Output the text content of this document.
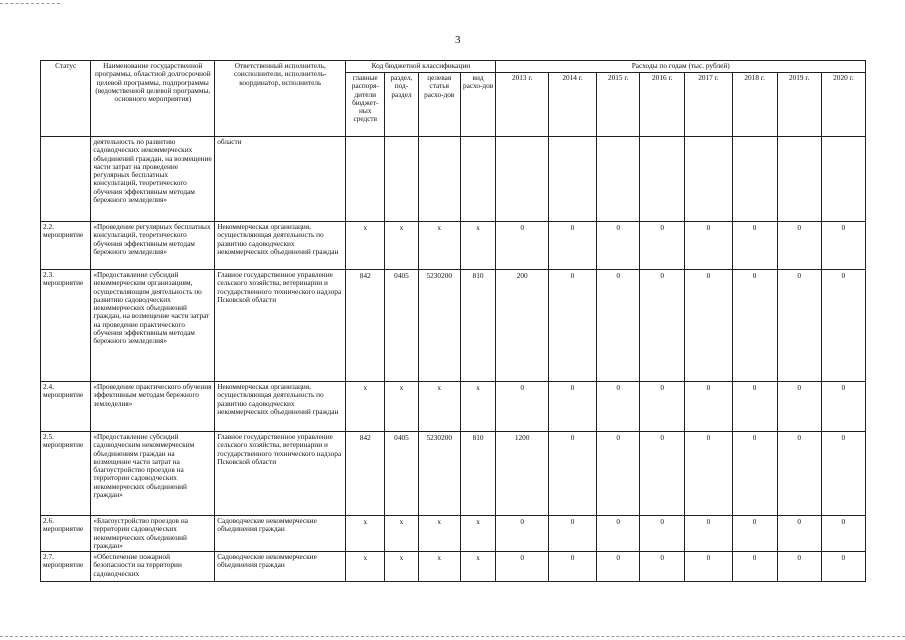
3
Статус	Наименование государственной программы, областной долгосрочной целевой программы, подпрограммы (ведомственной целевой программы, основного мероприятия)	Ответственный исполнитель, соисполнители, исполнитель-координатор, исполнитель	Код бюджетной классификации				Расходы по годам (тыс. рублей)							
			главные распоря-дители бюджет-ных средств	раздел, под-раздел	целевая статья расхо-дов	вид расхо-дов	2013 г.	2014 г.	2015 г.	2016 г.	2017 г.	2018 г.	2019 г.	2020 г.
	деятельность по развитию садоводческих некоммерческих объединений граждан, на возмещение части затрат на проведение регулярных бесплатных консультаций, теоретического обучения эффективным методам бережного земледелия»	области												
2.2. мероприятие	«Проведение регулярных бесплатных консультаций, теоретического обучения эффективным методам бережного земледелия»	Некоммерческая организация, осуществляющая деятельность по развитию садоводческих некоммерческих объединений граждан	х	х	х	х	0	0	0	0	0	0	0	0
2.3. мероприятие	«Предоставление субсидий некоммерческим организациям, осуществляющим деятельность по развитию садоводческих некоммерческих объединений граждан, на возмещение части затрат на проведение практического обучения эффективным методам бережного земледелия»	Главное государственное управление сельского хозяйства, ветеринарии и государственного технического надзора Псковской области	842	0405	5230200	810	200	0	0	0	0	0	0	0
2.4. мероприятие	«Проведение практического обучения эффективным методам бережного земледелия»	Некоммерческая организация, осуществляющая деятельность по развитию садоводческих некоммерческих объединений граждан	х	х	х	х	0	0	0	0	0	0	0	0
2.5. мероприятие	«Предоставление субсидий садоводческим некоммерческим объединениям граждан на возмещение части затрат на благоустройство проездов на территории садоводческих некоммерческих объединений граждан»	Главное государственное управление сельского хозяйства, ветеринарии и государственного технического надзора Псковской области	842	0405	5230200	810	1200	0	0	0	0	0	0	0
2.6. мероприятие	«Благоустройство проездов на территории садоводческих некоммерческих объединений граждан»	Садоводческие некоммерческие объединения граждан	х	х	х	х	0	0	0	0	0	0	0	0
2.7. мероприятие	«Обеспечение пожарной безопасности на территории садоводческих	Садоводческие некоммерческие объединения граждан	х	х	х	х	0	0	0	0	0	0	0	0
